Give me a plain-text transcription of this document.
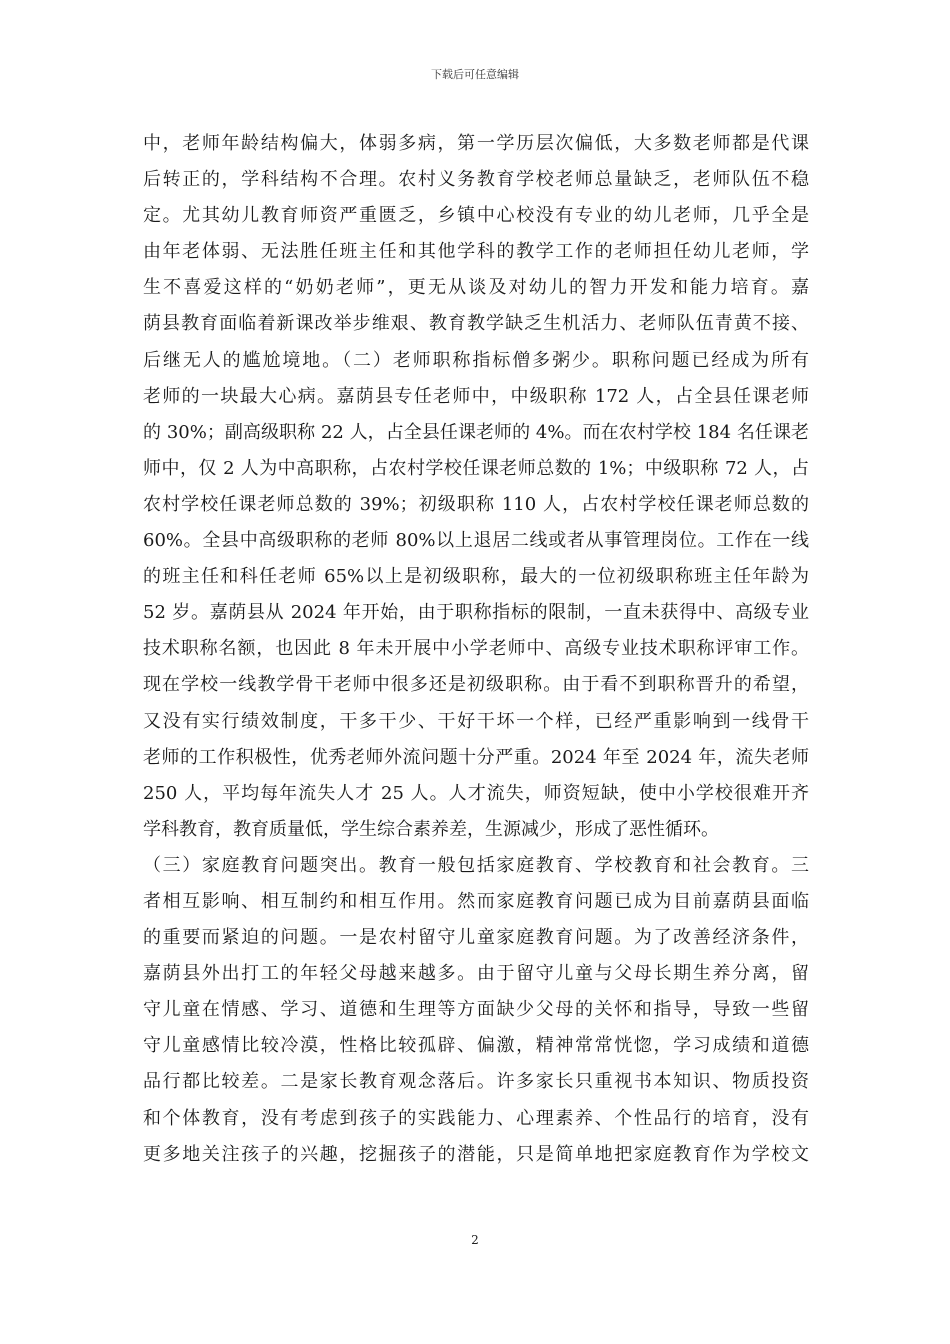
下载后可任意编辑
中，老师年龄结构偏大，体弱多病，第一学历层次偏低，大多数老师都是代课
后转正的，学科结构不合理。农村义务教育学校老师总量缺乏，老师队伍不稳
定。尤其幼儿教育师资严重匮乏，乡镇中心校没有专业的幼儿老师，几乎全是
由年老体弱、无法胜任班主任和其他学科的教学工作的老师担任幼儿老师，学
生不喜爱这样的“奶奶老师”，更无从谈及对幼儿的智力开发和能力培育。嘉
荫县教育面临着新课改举步维艰、教育教学缺乏生机活力、老师队伍青黄不接、
后继无人的尴尬境地。（二）老师职称指标僧多粥少。职称问题已经成为所有
老师的一块最大心病。嘉荫县专任老师中，中级职称 172 人，占全县任课老师
的 30%；副高级职称 22 人，占全县任课老师的 4%。而在农村学校 184 名任课老
师中，仅 2 人为中高职称，占农村学校任课老师总数的 1%；中级职称 72 人，占
农村学校任课老师总数的 39%；初级职称 110 人，占农村学校任课老师总数的
60%。全县中高级职称的老师 80%以上退居二线或者从事管理岗位。工作在一线
的班主任和科任老师 65%以上是初级职称，最大的一位初级职称班主任年龄为
52 岁。嘉荫县从 2024 年开始，由于职称指标的限制，一直未获得中、高级专业
技术职称名额，也因此 8 年未开展中小学老师中、高级专业技术职称评审工作。
现在学校一线教学骨干老师中很多还是初级职称。由于看不到职称晋升的希望，
又没有实行绩效制度，干多干少、干好干坏一个样，已经严重影响到一线骨干
老师的工作积极性，优秀老师外流问题十分严重。2024 年至 2024 年，流失老师
250 人，平均每年流失人才 25 人。人才流失，师资短缺，使中小学校很难开齐
学科教育，教育质量低，学生综合素养差，生源减少，形成了恶性循环。
（三）家庭教育问题突出。教育一般包括家庭教育、学校教育和社会教育。三
者相互影响、相互制约和相互作用。然而家庭教育问题已成为目前嘉荫县面临
的重要而紧迫的问题。一是农村留守儿童家庭教育问题。为了改善经济条件，
嘉荫县外出打工的年轻父母越来越多。由于留守儿童与父母长期生养分离，留
守儿童在情感、学习、道德和生理等方面缺少父母的关怀和指导，导致一些留
守儿童感情比较冷漠，性格比较孤辟、偏激，精神常常恍惚，学习成绩和道德
品行都比较差。二是家长教育观念落后。许多家长只重视书本知识、物质投资
和个体教育，没有考虑到孩子的实践能力、心理素养、个性品行的培育，没有
更多地关注孩子的兴趣，挖掘孩子的潜能，只是简单地把家庭教育作为学校文
2
